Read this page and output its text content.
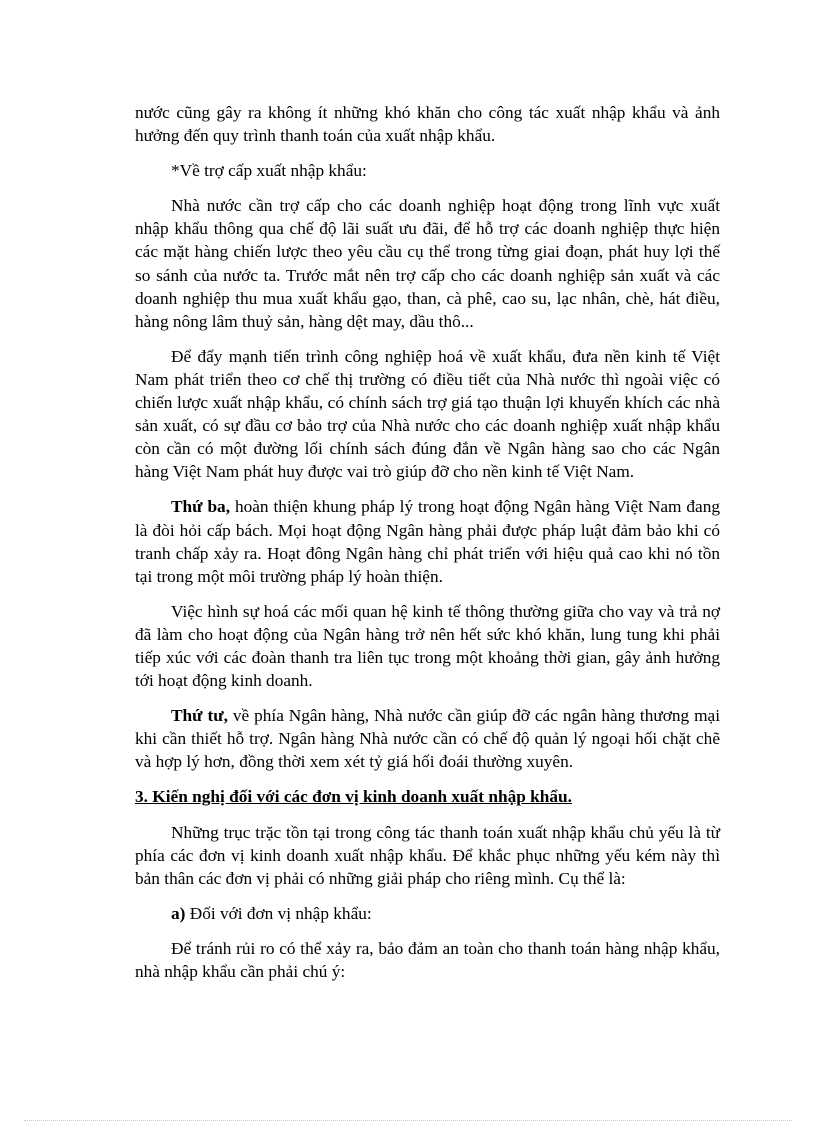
nước cũng gây ra không ít những khó khăn cho công tác xuất nhập khẩu và ảnh hưởng đến quy trình thanh toán của xuất nhập khẩu.

*Về trợ cấp xuất nhập khẩu:

Nhà nước cần trợ cấp cho các doanh nghiệp hoạt động trong lĩnh vực xuất nhập khẩu thông qua chế độ lãi suất ưu đãi, để hỗ trợ các doanh nghiệp thực hiện các mặt hàng chiến lược theo yêu cầu cụ thể trong từng giai đoạn, phát huy lợi thế so sánh của nước ta. Trước mắt nên trợ cấp cho các doanh nghiệp sản xuất và các doanh nghiệp thu mua xuất khẩu gạo, than, cà phê, cao su, lạc nhân, chè, hát điều, hàng nông lâm thuỷ sản, hàng dệt may, dầu thô...

Để đẩy mạnh tiến trình công nghiệp hoá về xuất khẩu, đưa nền kinh tế Việt Nam phát triển theo cơ chế thị trường có điều tiết của Nhà nước thì ngoài việc có chiến lược xuất nhập khẩu, có chính sách trợ giá tạo thuận lợi khuyến khích các nhà sản xuất, có sự đầu cơ bảo trợ của Nhà nước cho các doanh nghiệp xuất nhập khẩu còn cần có một đường lối chính sách đúng đắn về Ngân hàng sao cho các Ngân hàng Việt Nam phát huy được vai trò giúp đỡ cho nền kinh tế Việt Nam.

Thứ ba, hoàn thiện khung pháp lý trong hoạt động Ngân hàng Việt Nam đang là đòi hỏi cấp bách. Mọi hoạt động Ngân hàng phải được pháp luật đảm bảo khi có tranh chấp xảy ra. Hoạt đông Ngân hàng chỉ phát triển với hiệu quả cao khi nó tồn tại trong một môi trường pháp lý hoàn thiện.

Việc hình sự hoá các mối quan hệ kinh tế thông thường giữa cho vay và trả nợ đã làm cho hoạt động của Ngân hàng trở nên hết sức khó khăn, lung tung khi phải tiếp xúc với các đoàn thanh tra liên tục trong một khoảng thời gian, gây ảnh hưởng tới hoạt động kinh doanh.

Thứ tư, về phía Ngân hàng, Nhà nước cần giúp đỡ các ngân hàng thương mại khi cần thiết hỗ trợ. Ngân hàng Nhà nước cần có chế độ quản lý ngoại hối chặt chẽ và hợp lý hơn, đồng thời xem xét tỷ giá hối đoái thường xuyên.

3. Kiến nghị đối với các đơn vị kinh doanh xuất nhập khẩu.

Những trục trặc tồn tại trong công tác thanh toán xuất nhập khẩu chủ yếu là từ phía các đơn vị kinh doanh xuất nhập khẩu. Để khắc phục những yếu kém này thì bản thân các đơn vị phải có những giải pháp cho riêng mình. Cụ thể là:

a) Đối với đơn vị nhập khẩu:

Để tránh rủi ro có thể xảy ra, bảo đảm an toàn cho thanh toán hàng nhập khẩu, nhà nhập khẩu cần phải chú ý:
